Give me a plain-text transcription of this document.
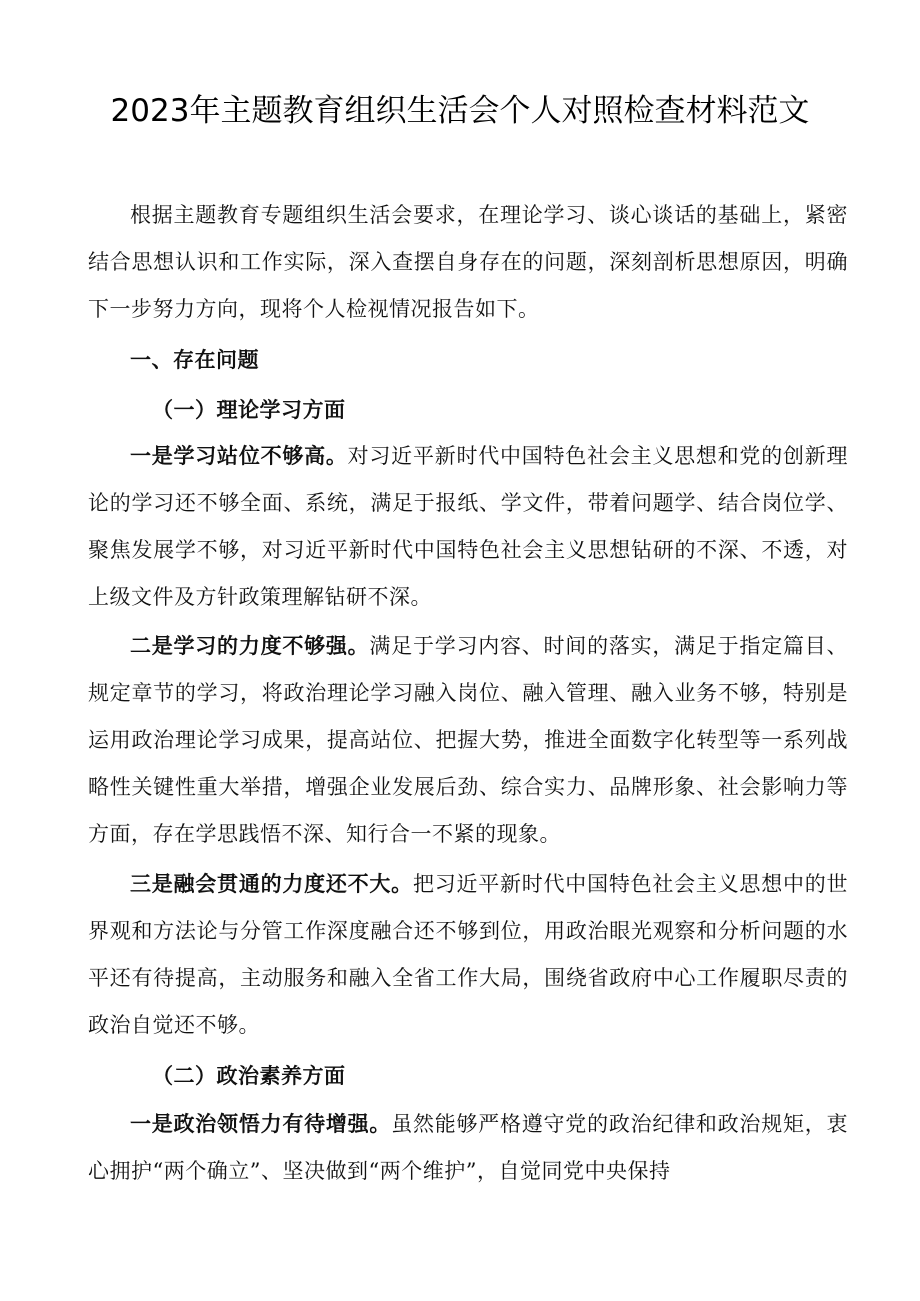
2023年主题教育组织生活会个人对照检查材料范文

根据主题教育专题组织生活会要求，在理论学习、谈心谈话的基础上，紧密结合思想认识和工作实际，深入查摆自身存在的问题，深刻剖析思想原因，明确下一步努力方向，现将个人检视情况报告如下。

一、存在问题

（一）理论学习方面

一是学习站位不够高。对习近平新时代中国特色社会主义思想和党的创新理论的学习还不够全面、系统，满足于报纸、学文件，带着问题学、结合岗位学、聚焦发展学不够，对习近平新时代中国特色社会主义思想钻研的不深、不透，对上级文件及方针政策理解钻研不深。

二是学习的力度不够强。满足于学习内容、时间的落实，满足于指定篇目、规定章节的学习，将政治理论学习融入岗位、融入管理、融入业务不够，特别是运用政治理论学习成果，提高站位、把握大势，推进全面数字化转型等一系列战略性关键性重大举措，增强企业发展后劲、综合实力、品牌形象、社会影响力等方面，存在学思践悟不深、知行合一不紧的现象。

三是融会贯通的力度还不大。把习近平新时代中国特色社会主义思想中的世界观和方法论与分管工作深度融合还不够到位，用政治眼光观察和分析问题的水平还有待提高，主动服务和融入全省工作大局，围绕省政府中心工作履职尽责的政治自觉还不够。

（二）政治素养方面

一是政治领悟力有待增强。虽然能够严格遵守党的政治纪律和政治规矩，衷心拥护“两个确立”、坚决做到“两个维护”，自觉同党中央保持
